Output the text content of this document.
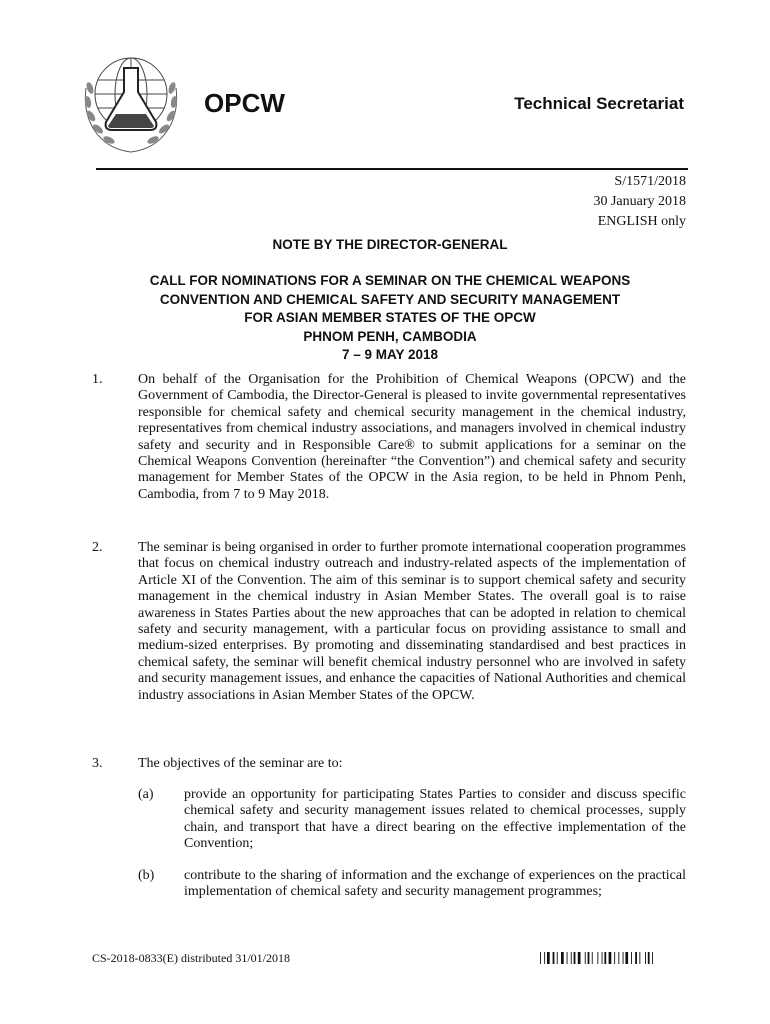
OPCW	Technical Secretariat
S/1571/2018
30 January 2018
ENGLISH only
NOTE BY THE DIRECTOR-GENERAL
CALL FOR NOMINATIONS FOR A SEMINAR ON THE CHEMICAL WEAPONS
CONVENTION AND CHEMICAL SAFETY AND SECURITY MANAGEMENT
FOR ASIAN MEMBER STATES OF THE OPCW
PHNOM PENH, CAMBODIA
7 – 9 MAY 2018
1.	On behalf of the Organisation for the Prohibition of Chemical Weapons (OPCW) and the Government of Cambodia, the Director-General is pleased to invite governmental representatives responsible for chemical safety and chemical security management in the chemical industry, representatives from chemical industry associations, and managers involved in chemical industry safety and security and in Responsible Care® to submit applications for a seminar on the Chemical Weapons Convention (hereinafter “the Convention”) and chemical safety and security management for Member States of the OPCW in the Asia region, to be held in Phnom Penh, Cambodia, from 7 to 9 May 2018.
2.	The seminar is being organised in order to further promote international cooperation programmes that focus on chemical industry outreach and industry-related aspects of the implementation of Article XI of the Convention. The aim of this seminar is to support chemical safety and security management in the chemical industry in Asian Member States. The overall goal is to raise awareness in States Parties about the new approaches that can be adopted in relation to chemical safety and security management, with a particular focus on providing assistance to small and medium-sized enterprises. By promoting and disseminating standardised and best practices in chemical safety, the seminar will benefit chemical industry personnel who are involved in safety and security management issues, and enhance the capacities of National Authorities and chemical industry associations in Asian Member States of the OPCW.
3.	The objectives of the seminar are to:
(a) provide an opportunity for participating States Parties to consider and discuss specific chemical safety and security management issues related to chemical processes, supply chain, and transport that have a direct bearing on the effective implementation of the Convention;
(b) contribute to the sharing of information and the exchange of experiences on the practical implementation of chemical safety and security management programmes;
CS-2018-0833(E) distributed 31/01/2018
